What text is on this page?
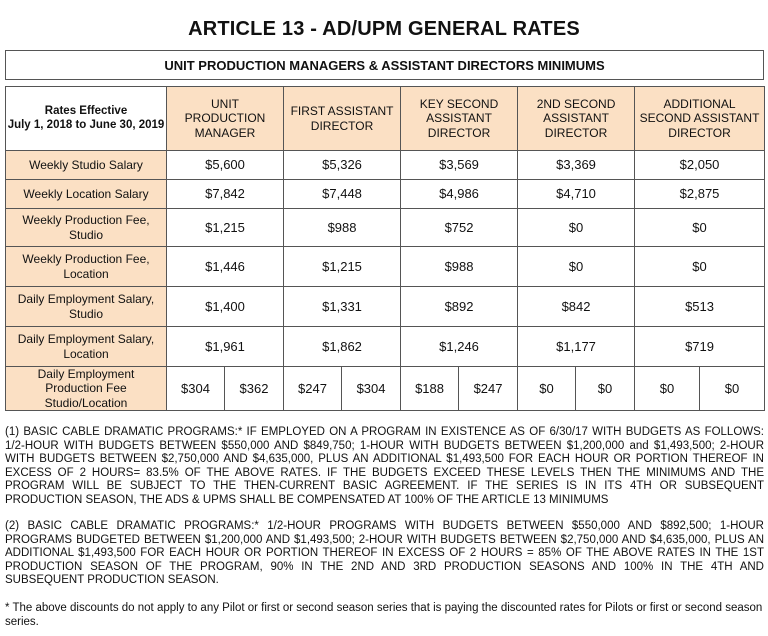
ARTICLE 13 - AD/UPM GENERAL RATES
UNIT PRODUCTION MANAGERS & ASSISTANT DIRECTORS MINIMUMS
Rates Effective
July 1, 2018 to June 30, 2019	UNIT PRODUCTION MANAGER		FIRST ASSISTANT DIRECTOR		KEY SECOND ASSISTANT DIRECTOR		2ND SECOND ASSISTANT DIRECTOR		ADDITIONAL SECOND ASSISTANT DIRECTOR	
Weekly Studio Salary	$5,600		$5,326		$3,569		$3,369		$2,050	
Weekly Location Salary	$7,842		$7,448		$4,986		$4,710		$2,875	
Weekly Production Fee, Studio	$1,215		$988		$752		$0		$0	
Weekly Production Fee, Location	$1,446		$1,215		$988		$0		$0	
Daily Employment Salary, Studio	$1,400		$1,331		$892		$842		$513	
Daily Employment Salary, Location	$1,961		$1,862		$1,246		$1,177		$719	
Daily Employment Production Fee Studio/Location	$304	$362	$247	$304	$188	$247	$0	$0	$0	$0
(1) BASIC CABLE DRAMATIC PROGRAMS:* IF EMPLOYED ON A PROGRAM IN EXISTENCE AS OF 6/30/17 WITH BUDGETS AS FOLLOWS: 1/2-HOUR WITH BUDGETS BETWEEN $550,000 AND $849,750; 1-HOUR WITH BUDGETS BETWEEN $1,200,000 and $1,493,500; 2-HOUR WITH BUDGETS BETWEEN $2,750,000 AND $4,635,000, PLUS AN ADDITIONAL $1,493,500 FOR EACH HOUR OR PORTION THEREOF IN EXCESS OF 2 HOURS= 83.5% OF THE ABOVE RATES. IF THE BUDGETS EXCEED THESE LEVELS THEN THE MINIMUMS AND THE PROGRAM WILL BE SUBJECT TO THE THEN-CURRENT BASIC AGREEMENT. IF THE SERIES IS IN ITS 4TH OR SUBSEQUENT PRODUCTION SEASON, THE ADS & UPMS SHALL BE COMPENSATED AT 100% OF THE ARTICLE 13 MINIMUMS
(2) BASIC CABLE DRAMATIC PROGRAMS:* 1/2-HOUR PROGRAMS WITH BUDGETS BETWEEN $550,000 AND $892,500; 1-HOUR PROGRAMS BUDGETED BETWEEN $1,200,000 AND $1,493,500; 2-HOUR WITH BUDGETS BETWEEN $2,750,000 AND $4,635,000, PLUS AN ADDITIONAL $1,493,500 FOR EACH HOUR OR PORTION THEREOF IN EXCESS OF 2 HOURS = 85% OF THE ABOVE RATES IN THE 1ST PRODUCTION SEASON OF THE PROGRAM, 90% IN THE 2ND AND 3RD PRODUCTION SEASONS AND 100% IN THE 4TH AND SUBSEQUENT PRODUCTION SEASON.
* The above discounts do not apply to any Pilot or first or second season series that is paying the discounted rates for Pilots or first or second season series.
